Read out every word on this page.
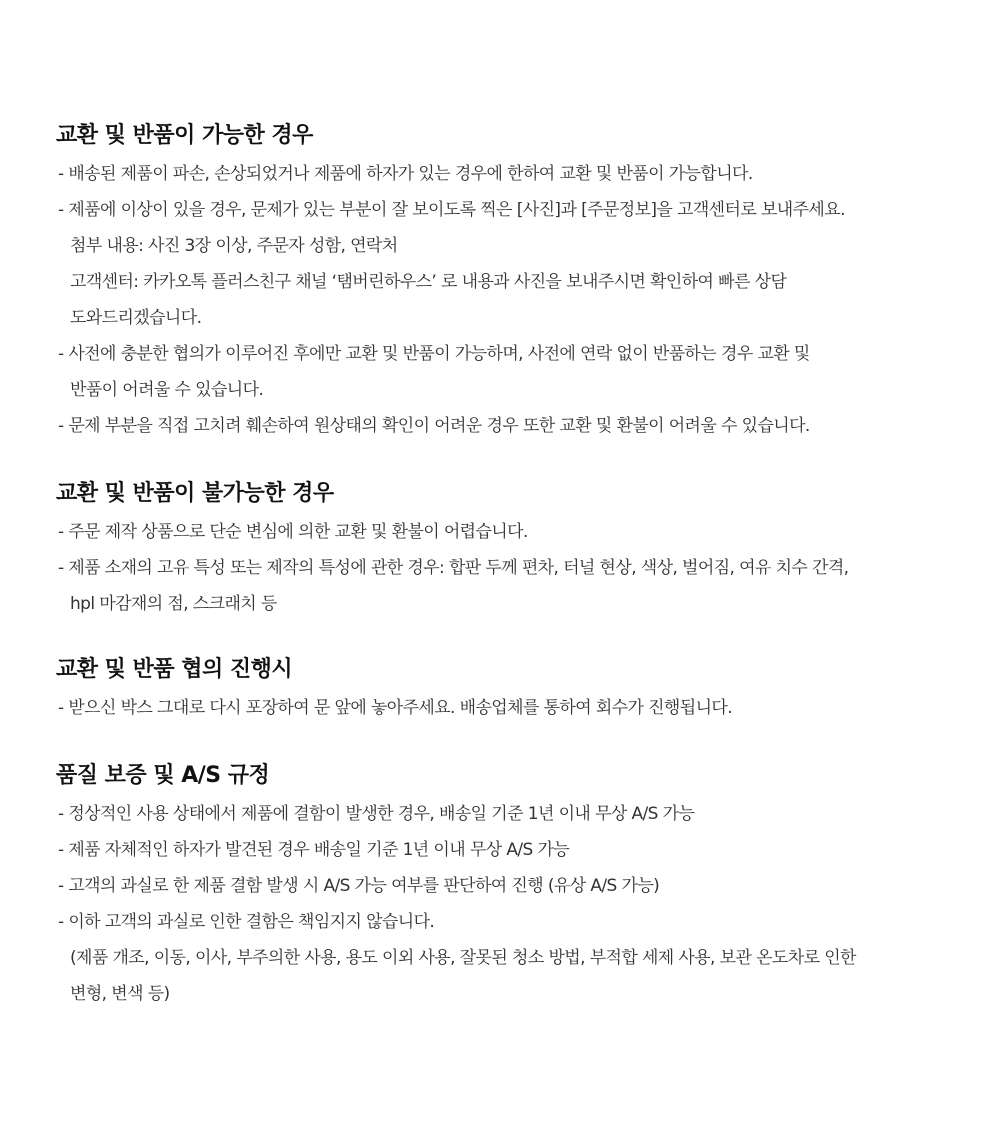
교환 및 반품이 가능한 경우
- 배송된 제품이 파손, 손상되었거나 제품에 하자가 있는 경우에 한하여 교환 및 반품이 가능합니다.
- 제품에 이상이 있을 경우, 문제가 있는 부분이 잘 보이도록 찍은 [사진]과 [주문정보]을 고객센터로 보내주세요.
첨부 내용: 사진 3장 이상, 주문자 성함, 연락처
고객센터: 카카오톡 플러스친구 채널 ‘탬버린하우스’ 로 내용과 사진을 보내주시면 확인하여 빠른 상담
도와드리겠습니다.
- 사전에 충분한 협의가 이루어진 후에만 교환 및 반품이 가능하며, 사전에 연락 없이 반품하는 경우 교환 및
반품이 어려울 수 있습니다.
- 문제 부분을 직접 고치려 훼손하여 원상태의 확인이 어려운 경우 또한 교환 및 환불이 어려울 수 있습니다.
교환 및 반품이 불가능한 경우
- 주문 제작 상품으로 단순 변심에 의한 교환 및 환불이 어렵습니다.
- 제품 소재의 고유 특성 또는 제작의 특성에 관한 경우: 합판 두께 편차, 터널 현상, 색상, 벌어짐, 여유 치수 간격,
hpl 마감재의 점, 스크래치 등
교환 및 반품 협의 진행시
- 받으신 박스 그대로 다시 포장하여 문 앞에 놓아주세요. 배송업체를 통하여 회수가 진행됩니다.
품질 보증 및 A/S 규정
- 정상적인 사용 상태에서 제품에 결함이 발생한 경우, 배송일 기준 1년 이내 무상 A/S 가능
- 제품 자체적인 하자가 발견된 경우 배송일 기준 1년 이내 무상 A/S 가능
- 고객의 과실로 한 제품 결함 발생 시 A/S 가능 여부를 판단하여 진행 (유상 A/S 가능)
- 이하 고객의 과실로 인한 결함은 책임지지 않습니다.
(제품 개조, 이동, 이사, 부주의한 사용, 용도 이외 사용, 잘못된 청소 방법, 부적합 세제 사용, 보관 온도차로 인한
변형, 변색 등)
